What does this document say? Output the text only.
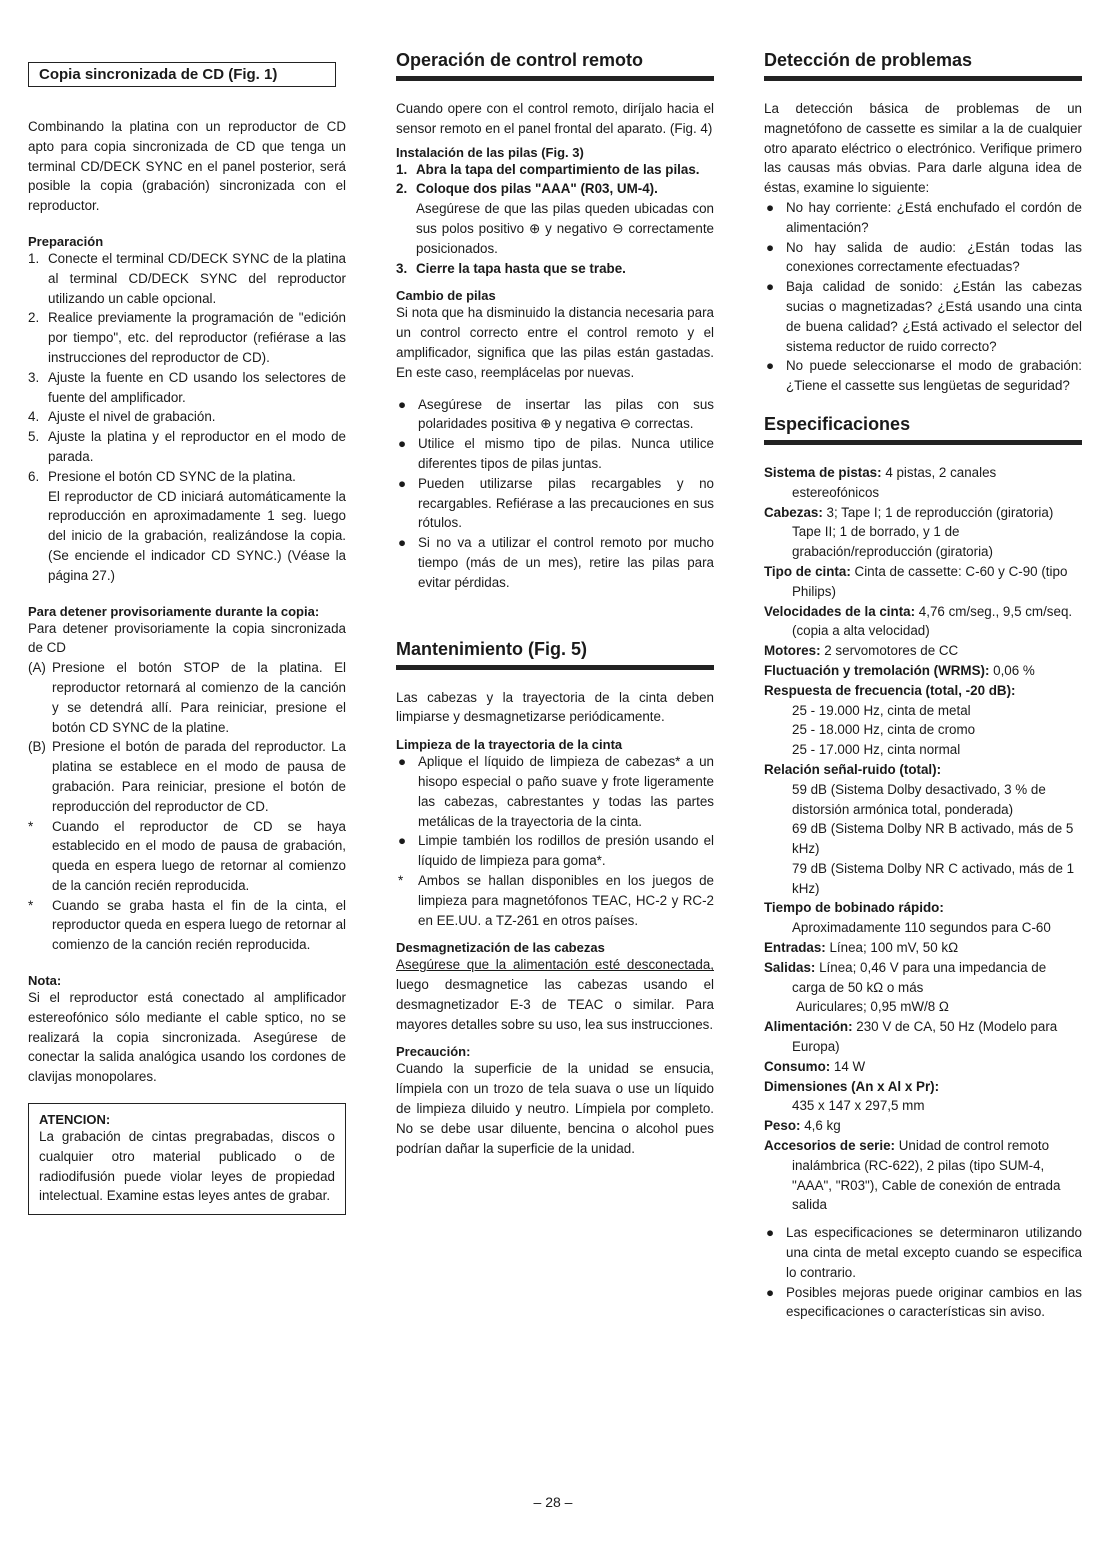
Copia sincronizada de CD (Fig. 1)

Combinando la platina con un reproductor de CD apto para copia sincronizada de CD que tenga un terminal CD/DECK SYNC en el panel posterior, será posible la copia (grabación) sincronizada con el reproductor.

Preparación
1. Conecte el terminal CD/DECK SYNC de la platina al terminal CD/DECK SYNC del reproductor utilizando un cable opcional.
2. Realice previamente la programación de "edición por tiempo", etc. del reproductor (refiérase a las instrucciones del reproductor de CD).
3. Ajuste la fuente en CD usando los selectores de fuente del amplificador.
4. Ajuste el nivel de grabación.
5. Ajuste la platina y el reproductor en el modo de parada.
6. Presione el botón CD SYNC de la platina.
El reproductor de CD iniciará automáticamente la reproducción en aproximadamente 1 seg. luego del inicio de la grabación, realizándose la copia. (Se enciende el indicador CD SYNC.) (Véase la página 27.)
Para detener provisoriamente durante la copia:

Para detener provisoriamente la copia sincronizada de CD

(A) Presione el botón STOP de la platina. El reproductor retornará al comienzo de la canción y se detendrá allí. Para reiniciar, presione el botón CD SYNC de la platine.
(B) Presione el botón de parada del reproductor. La platina se establece en el modo de pausa de grabación. Para reiniciar, presione el botón de reproducción del reproductor de CD.
* Cuando el reproductor de CD se haya establecido en el modo de pausa de grabación, queda en espera luego de retornar al comienzo de la canción recién reproducida.
* Cuando se graba hasta el fin de la cinta, el reproductor queda en espera luego de retornar al comienzo de la canción recién reproducida.
Nota:

Si el reproductor está conectado al amplificador estereofónico sólo mediante el cable sptico, no se realizará la copia sincronizada. Asegúrese de conectar la salida analógica usando los cordones de clavijas monopolares.

ATENCION:

La grabación de cintas pregrabadas, discos o cualquier otro material publicado o de radiodifusión puede violar leyes de propiedad intelectual. Examine estas leyes antes de grabar.

Operación de control remoto

Cuando opere con el control remoto, diríjalo hacia el sensor remoto en el panel frontal del aparato. (Fig. 4)

Instalación de las pilas (Fig. 3)
1. Abra la tapa del compartimiento de las pilas.
2. Coloque dos pilas "AAA" (R03, UM-4).
Asegúrese de que las pilas queden ubicadas con sus polos positivo ⊕ y negativo ⊖ correctamente posicionados.
3. Cierre la tapa hasta que se trabe.
Cambio de pilas

Si nota que ha disminuido la distancia necesaria para un control correcto entre el control remoto y el amplificador, significa que las pilas están gastadas. En este caso, reemplácelas por nuevas.

● Asegúrese de insertar las pilas con sus polaridades positiva ⊕ y negativa ⊖ correctas.
● Utilice el mismo tipo de pilas. Nunca utilice diferentes tipos de pilas juntas.
● Pueden utilizarse pilas recargables y no recargables. Refiérase a las precauciones en sus rótulos.
● Si no va a utilizar el control remoto por mucho tiempo (más de un mes), retire las pilas para evitar pérdidas.
Mantenimiento (Fig. 5)

Las cabezas y la trayectoria de la cinta deben limpiarse y desmagnetizarse periódicamente.

Limpieza de la trayectoria de la cinta
● Aplique el líquido de limpieza de cabezas* a un hisopo especial o paño suave y frote ligeramente las cabezas, cabrestantes y todas las partes metálicas de la trayectoria de la cinta.
● Limpie también los rodillos de presión usando el líquido de limpieza para goma*.
* Ambos se hallan disponibles en los juegos de limpieza para magnetófonos TEAC, HC-2 y RC-2 en EE.UU. a TZ-261 en otros países.
Desmagnetización de las cabezas

Asegúrese que la alimentación esté desconectada, luego desmagnetice las cabezas usando el desmagnetizador E-3 de TEAC o similar. Para mayores detalles sobre su uso, lea sus instrucciones.

Precaución:

Cuando la superficie de la unidad se ensucia, límpiela con un trozo de tela suava o use un líquido de limpieza diluido y neutro. Límpiela por completo. No se debe usar diluente, bencina o alcohol pues podrían dañar la superficie de la unidad.

Detección de problemas

La detección básica de problemas de un magnetófono de cassette es similar a la de cualquier otro aparato eléctrico o electrónico. Verifique primero las causas más obvias. Para darle alguna idea de éstas, examine lo siguiente:

● No hay corriente: ¿Está enchufado el cordón de alimentación?
● No hay salida de audio: ¿Están todas las conexiones correctamente efectuadas?
● Baja calidad de sonido: ¿Están las cabezas sucias o magnetizadas? ¿Está usando una cinta de buena calidad? ¿Está activado el selector del sistema reductor de ruido correcto?
● No puede seleccionarse el modo de grabación: ¿Tiene el cassette sus lengüetas de seguridad?
Especificaciones
Sistema de pistas: 4 pistas, 2 canales estereofónicos
Cabezas: 3; Tape I; 1 de reproducción (giratoria)
Tape II; 1 de borrado, y 1 de grabación/reproducción (giratoria)
Tipo de cinta: Cinta de cassette: C-60 y C-90 (tipo Philips)
Velocidades de la cinta: 4,76 cm/seg., 9,5 cm/seq. (copia a alta velocidad)
Motores: 2 servomotores de CC
Fluctuación y tremolación (WRMS): 0,06 %
Respuesta de frecuencia (total, -20 dB):
25 - 19.000 Hz, cinta de metal
25 - 18.000 Hz, cinta de cromo
25 - 17.000 Hz, cinta normal
Relación señal-ruido (total):
59 dB (Sistema Dolby desactivado, 3 % de distorsión armónica total, ponderada)
69 dB (Sistema Dolby NR B activado, más de 5 kHz)
79 dB (Sistema Dolby NR C activado, más de 1 kHz)
Tiempo de bobinado rápido:
Aproximadamente 110 segundos para C-60
Entradas: Línea; 100 mV, 50 kΩ
Salidas: Línea; 0,46 V para una impedancia de carga de 50 kΩ o más
Auriculares; 0,95 mW/8 Ω
Alimentación: 230 V de CA, 50 Hz (Modelo para Europa)
Consumo: 14 W
Dimensiones (An x Al x Pr):
435 x 147 x 297,5 mm
Peso: 4,6 kg
Accesorios de serie: Unidad de control remoto inalámbrica (RC-622), 2 pilas (tipo SUM-4, "AAA", "R03"), Cable de conexión de entrada salida
● Las especificaciones se determinaron utilizando una cinta de metal excepto cuando se especifica lo contrario.
● Posibles mejoras puede originar cambios en las especificaciones o características sin aviso.
– 28 –
